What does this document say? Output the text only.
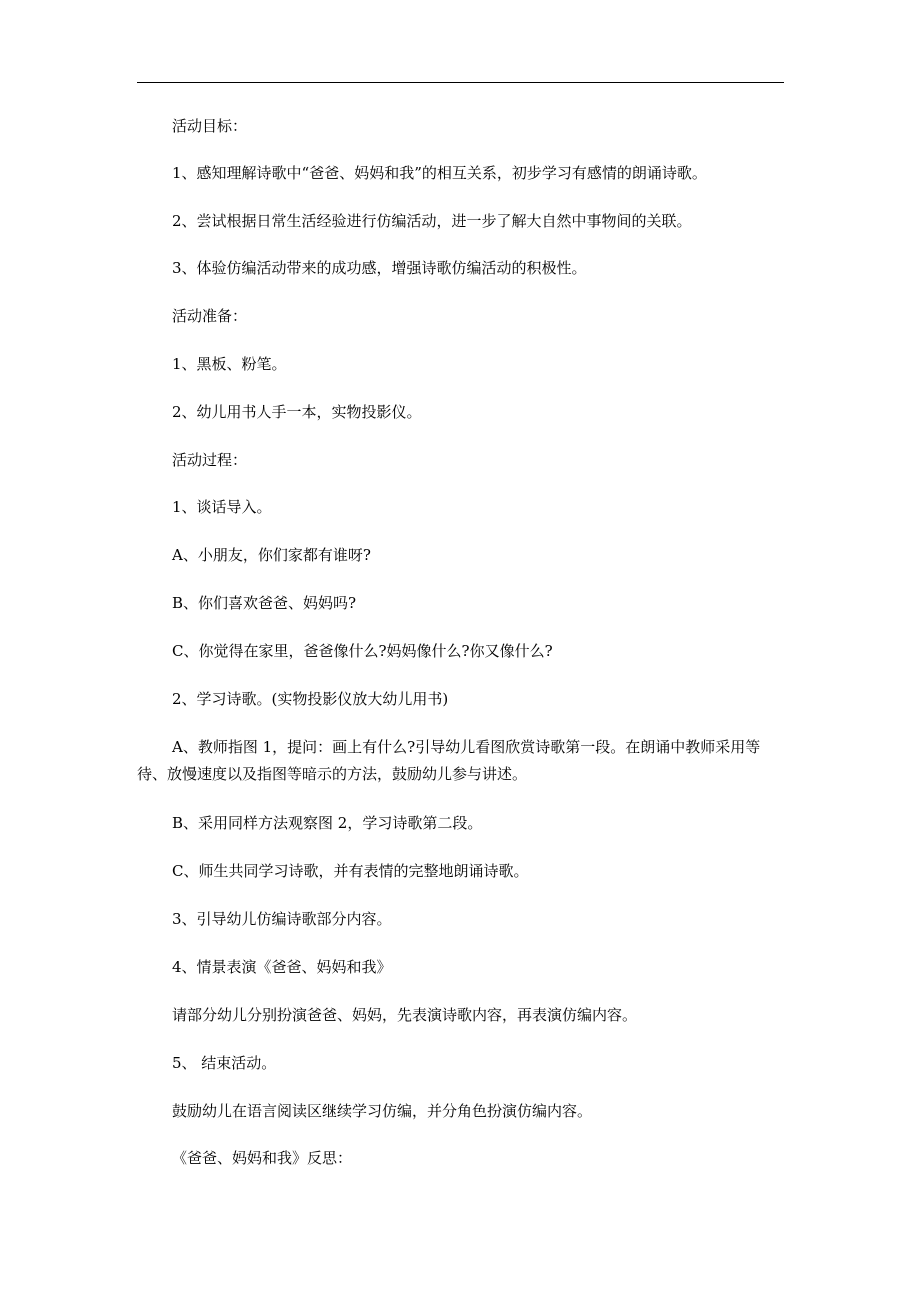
活动目标：
1、感知理解诗歌中“爸爸、妈妈和我”的相互关系，初步学习有感情的朗诵诗歌。
2、尝试根据日常生活经验进行仿编活动，进一步了解大自然中事物间的关联。
3、体验仿编活动带来的成功感，增强诗歌仿编活动的积极性。
活动准备：
1、黑板、粉笔。
2、幼儿用书人手一本，实物投影仪。
活动过程：
1、谈话导入。
A、小朋友，你们家都有谁呀?
B、你们喜欢爸爸、妈妈吗?
C、你觉得在家里，爸爸像什么?妈妈像什么?你又像什么?
2、学习诗歌。(实物投影仪放大幼儿用书)
A、教师指图 1，提问：画上有什么?引导幼儿看图欣赏诗歌第一段。在朗诵中教师采用等待、放慢速度以及指图等暗示的方法，鼓励幼儿参与讲述。
B、采用同样方法观察图 2，学习诗歌第二段。
C、师生共同学习诗歌，并有表情的完整地朗诵诗歌。
3、引导幼儿仿编诗歌部分内容。
4、情景表演《爸爸、妈妈和我》
请部分幼儿分别扮演爸爸、妈妈，先表演诗歌内容，再表演仿编内容。
5、 结束活动。
鼓励幼儿在语言阅读区继续学习仿编，并分角色扮演仿编内容。
《爸爸、妈妈和我》反思：
